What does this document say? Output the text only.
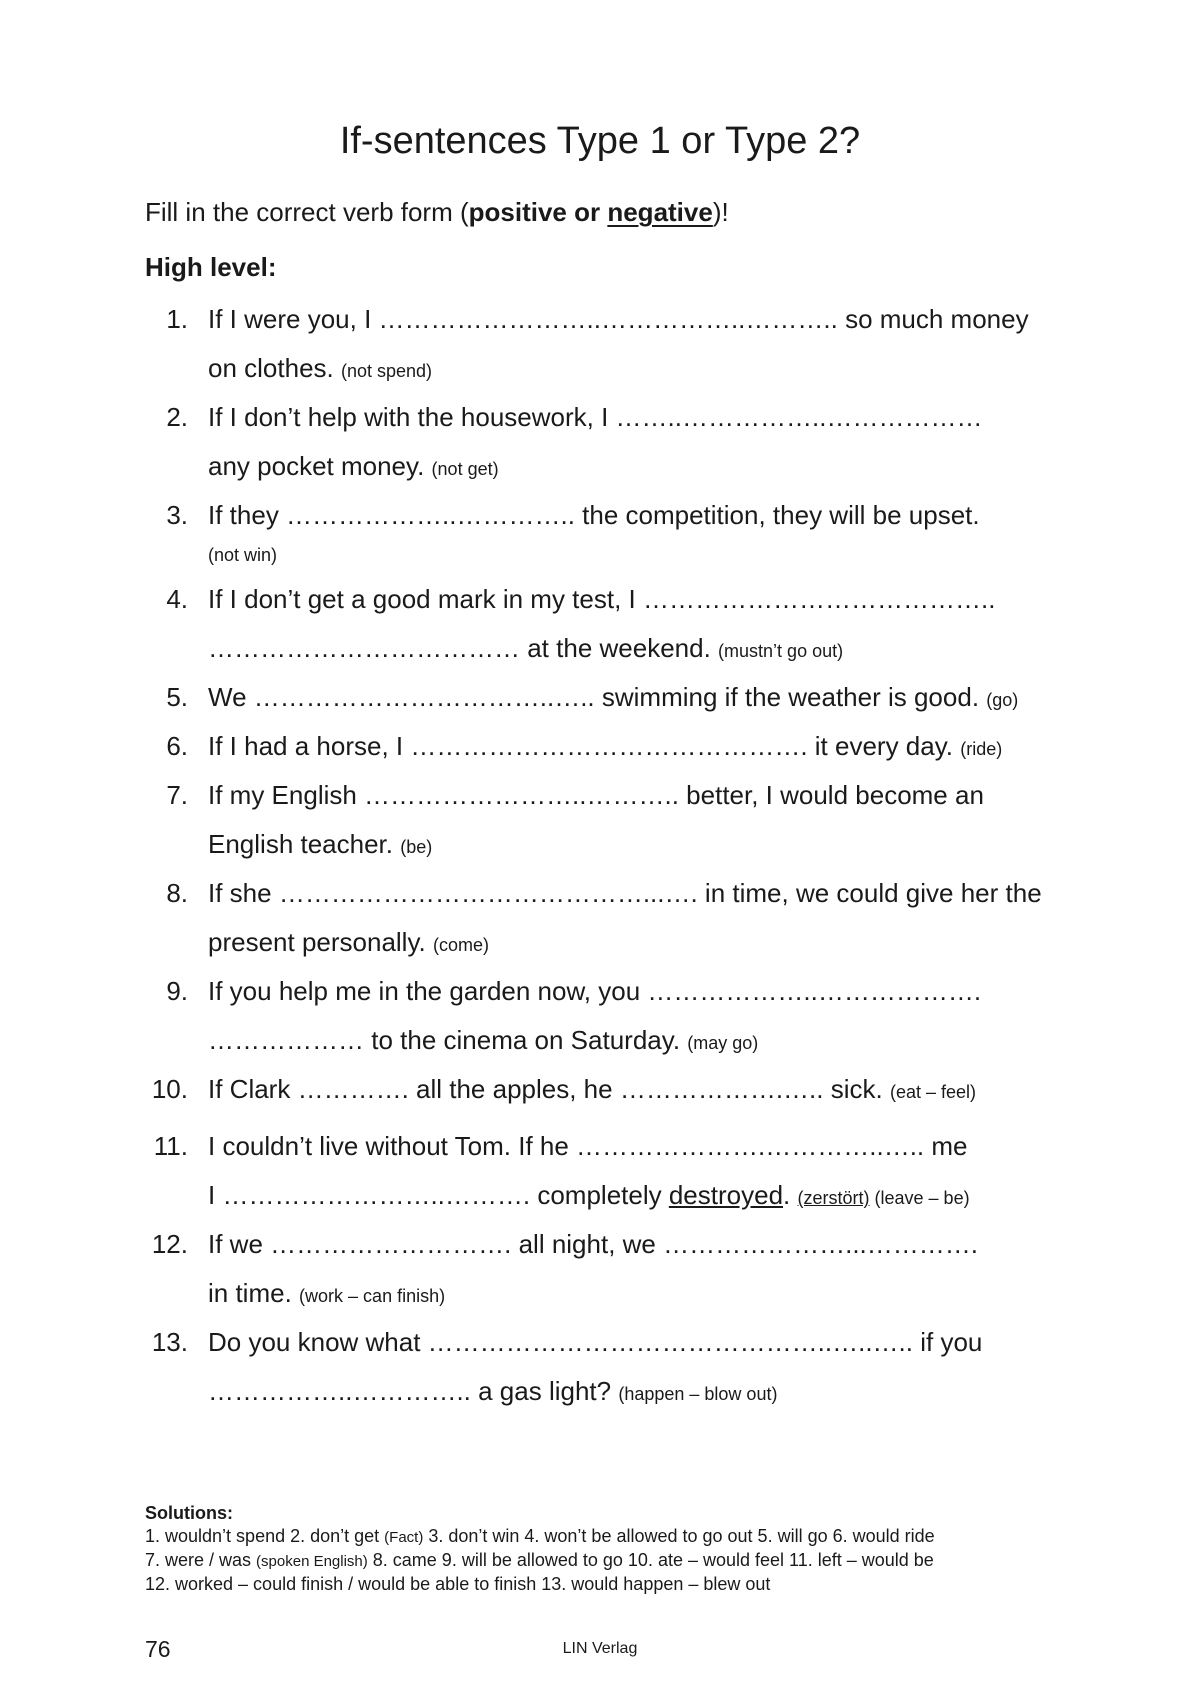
If-sentences Type 1 or Type 2?

Fill in the correct verb form (positive or negative)!

High level:

1. If I were you, I ……………………..……………..……….. so much money
on clothes. (not spend)
2. If I don’t help with the housework, I ……..……………..………………
any pocket money. (not get)
3. If they ………………..………….. the competition, they will be upset.
(not win)
4. If I don’t get a good mark in my test, I …………………………………..
……………………………… at the weekend. (mustn’t go out)
5. We ……………………………..….. swimming if the weather is good. (go)
6. If I had a horse, I ………………………………………. it every day. (ride)
7. If my English ……………………..……….. better, I would become an
English teacher. (be)
8. If she ……………………………………...…. in time, we could give her the
present personally. (come)
9. If you help me in the garden now, you ………………..……………….
……………… to the cinema on Saturday. (may go)
10. If Clark …………. all the apples, he ……………….….. sick. (eat – feel)
11. I couldn’t live without Tom. If he ………………….…………..….. me
I ……………………..………. completely destroyed. (zerstört) (leave – be)
12. If we ………………………. all night, we …………………...………….
in time. (work – can finish)
13. Do you know what ………………………………………..…..….. if you
……………..………….. a gas light? (happen – blow out)
Solutions:
1. wouldn’t spend 2. don’t get (Fact) 3. don’t win 4. won’t be allowed to go out 5. will go 6. would ride
7. were / was (spoken English) 8. came 9. will be allowed to go 10. ate – would feel 11. left – would be
12. worked – could finish / would be able to finish 13. would happen – blew out
76	LIN Verlag
